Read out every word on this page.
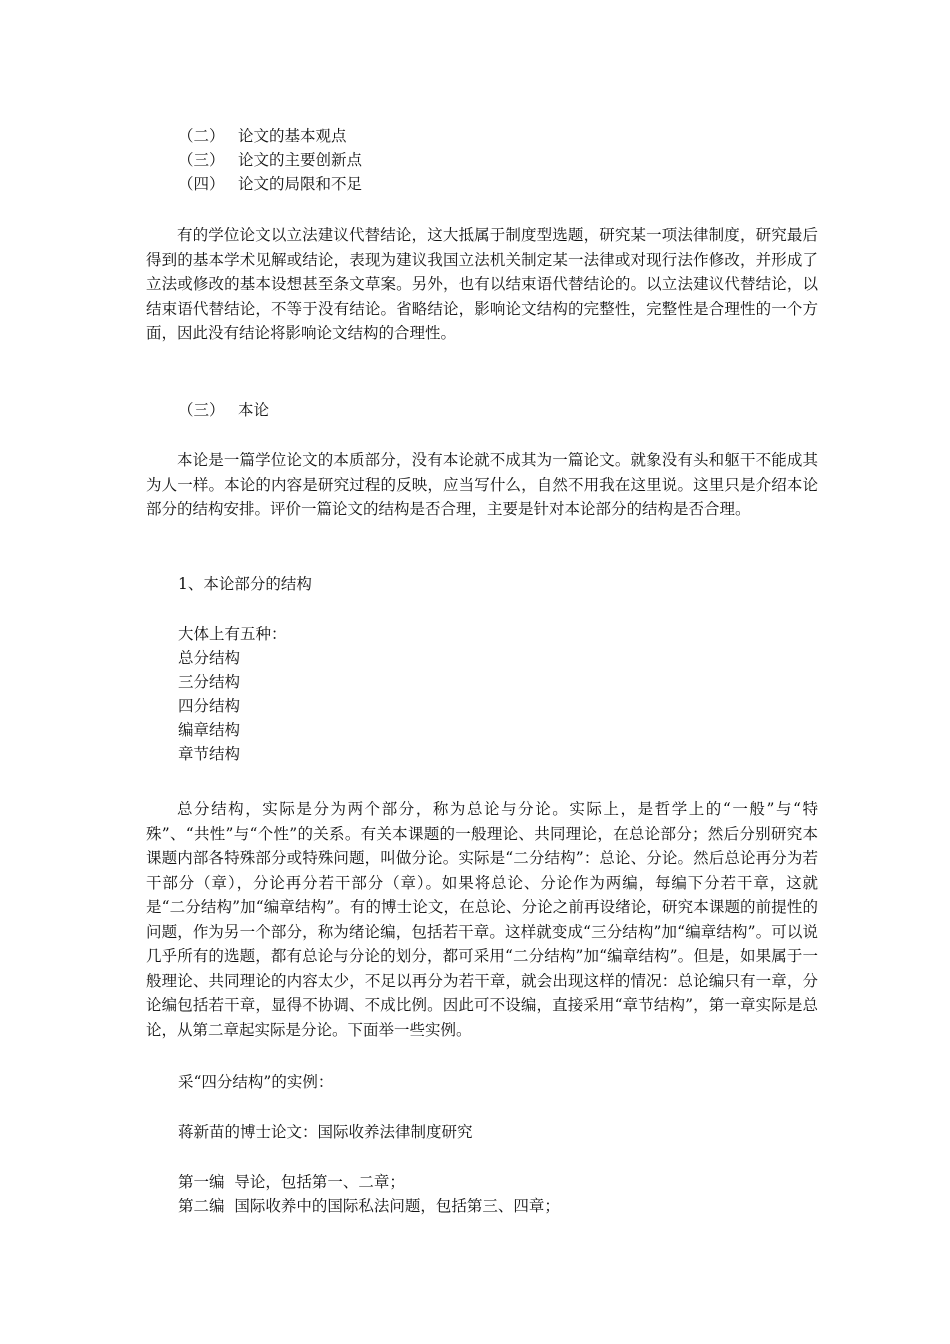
（二） 论文的基本观点
（三） 论文的主要创新点
（四） 论文的局限和不足
有的学位论文以立法建议代替结论，这大抵属于制度型选题，研究某一项法律制度，研究最后得到的基本学术见解或结论，表现为建议我国立法机关制定某一法律或对现行法作修改，并形成了立法或修改的基本设想甚至条文草案。另外，也有以结束语代替结论的。以立法建议代替结论，以结束语代替结论，不等于没有结论。省略结论，影响论文结构的完整性，完整性是合理性的一个方面，因此没有结论将影响论文结构的合理性。
（三） 本论
本论是一篇学位论文的本质部分，没有本论就不成其为一篇论文。就象没有头和躯干不能成其为人一样。本论的内容是研究过程的反映，应当写什么，自然不用我在这里说。这里只是介绍本论部分的结构安排。评价一篇论文的结构是否合理，主要是针对本论部分的结构是否合理。
1、本论部分的结构
大体上有五种：
总分结构
三分结构
四分结构
编章结构
章节结构
总分结构，实际是分为两个部分，称为总论与分论。实际上，是哲学上的“一般”与“特殊”、“共性”与“个性”的关系。有关本课题的一般理论、共同理论，在总论部分；然后分别研究本课题内部各特殊部分或特殊问题，叫做分论。实际是“二分结构”：总论、分论。然后总论再分为若干部分（章），分论再分若干部分（章）。如果将总论、分论作为两编，每编下分若干章，这就是“二分结构”加“编章结构”。有的博士论文，在总论、分论之前再设绪论，研究本课题的前提性的问题，作为另一个部分，称为绪论编，包括若干章。这样就变成“三分结构”加“编章结构”。可以说几乎所有的选题，都有总论与分论的划分，都可采用“二分结构”加“编章结构”。但是，如果属于一般理论、共同理论的内容太少，不足以再分为若干章，就会出现这样的情况：总论编只有一章，分论编包括若干章，显得不协调、不成比例。因此可不设编，直接采用“章节结构”，第一章实际是总论，从第二章起实际是分论。下面举一些实例。
采“四分结构”的实例：
蒋新苗的博士论文：国际收养法律制度研究
第一编 导论，包括第一、二章；
第二编 国际收养中的国际私法问题，包括第三、四章；
